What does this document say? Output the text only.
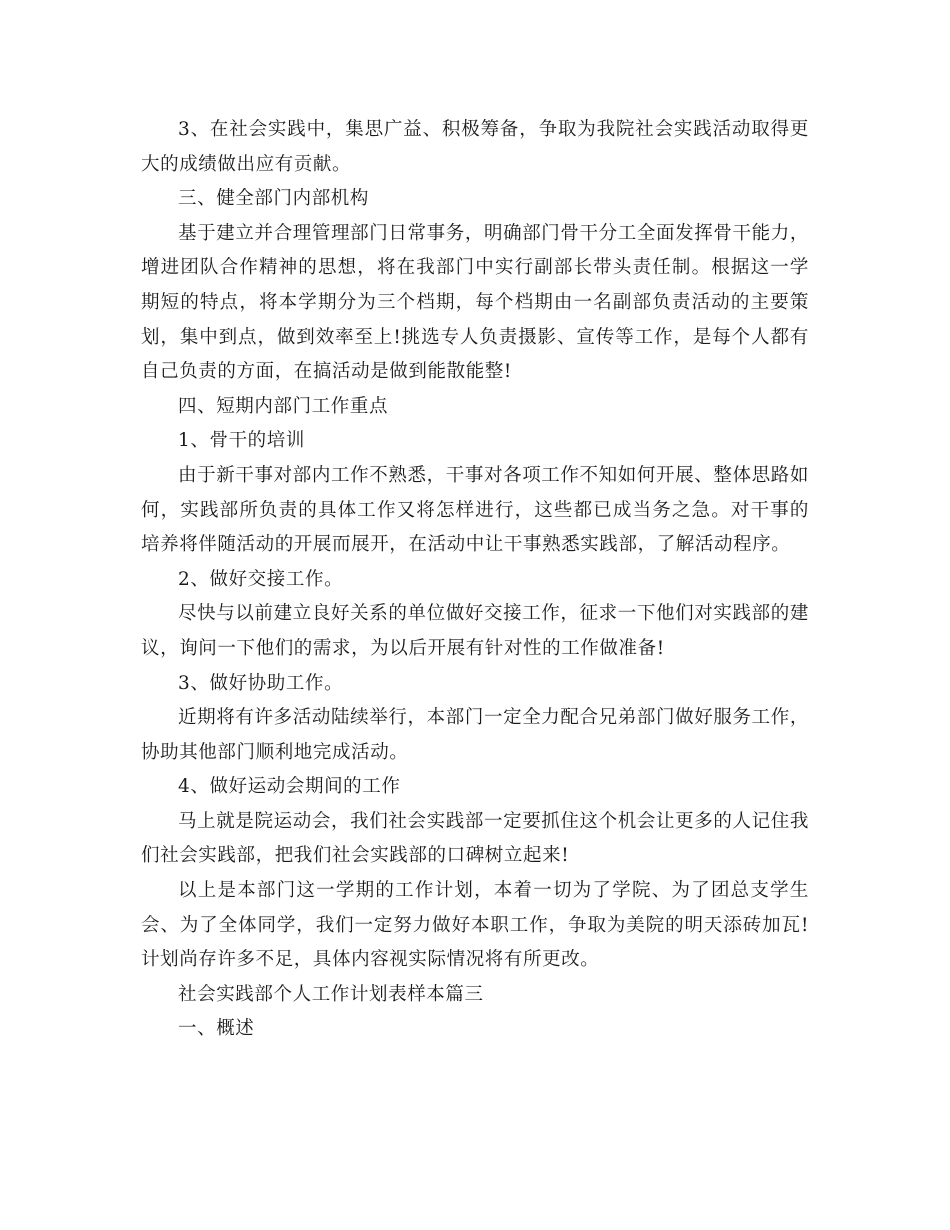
3、在社会实践中，集思广益、积极筹备，争取为我院社会实践活动取得更大的成绩做出应有贡献。

三、健全部门内部机构

基于建立并合理管理部门日常事务，明确部门骨干分工全面发挥骨干能力，增进团队合作精神的思想，将在我部门中实行副部长带头责任制。根据这一学期短的特点，将本学期分为三个档期，每个档期由一名副部负责活动的主要策划，集中到点，做到效率至上!挑选专人负责摄影、宣传等工作，是每个人都有自己负责的方面，在搞活动是做到能散能整!

四、短期内部门工作重点

1、骨干的培训

由于新干事对部内工作不熟悉，干事对各项工作不知如何开展、整体思路如何，实践部所负责的具体工作又将怎样进行，这些都已成当务之急。对干事的培养将伴随活动的开展而展开，在活动中让干事熟悉实践部，了解活动程序。

2、做好交接工作。

尽快与以前建立良好关系的单位做好交接工作，征求一下他们对实践部的建议，询问一下他们的需求，为以后开展有针对性的工作做准备!

3、做好协助工作。

近期将有许多活动陆续举行，本部门一定全力配合兄弟部门做好服务工作，协助其他部门顺利地完成活动。

4、做好运动会期间的工作

马上就是院运动会，我们社会实践部一定要抓住这个机会让更多的人记住我们社会实践部，把我们社会实践部的口碑树立起来!

以上是本部门这一学期的工作计划，本着一切为了学院、为了团总支学生会、为了全体同学，我们一定努力做好本职工作，争取为美院的明天添砖加瓦!计划尚存许多不足，具体内容视实际情况将有所更改。

社会实践部个人工作计划表样本篇三

一、概述
